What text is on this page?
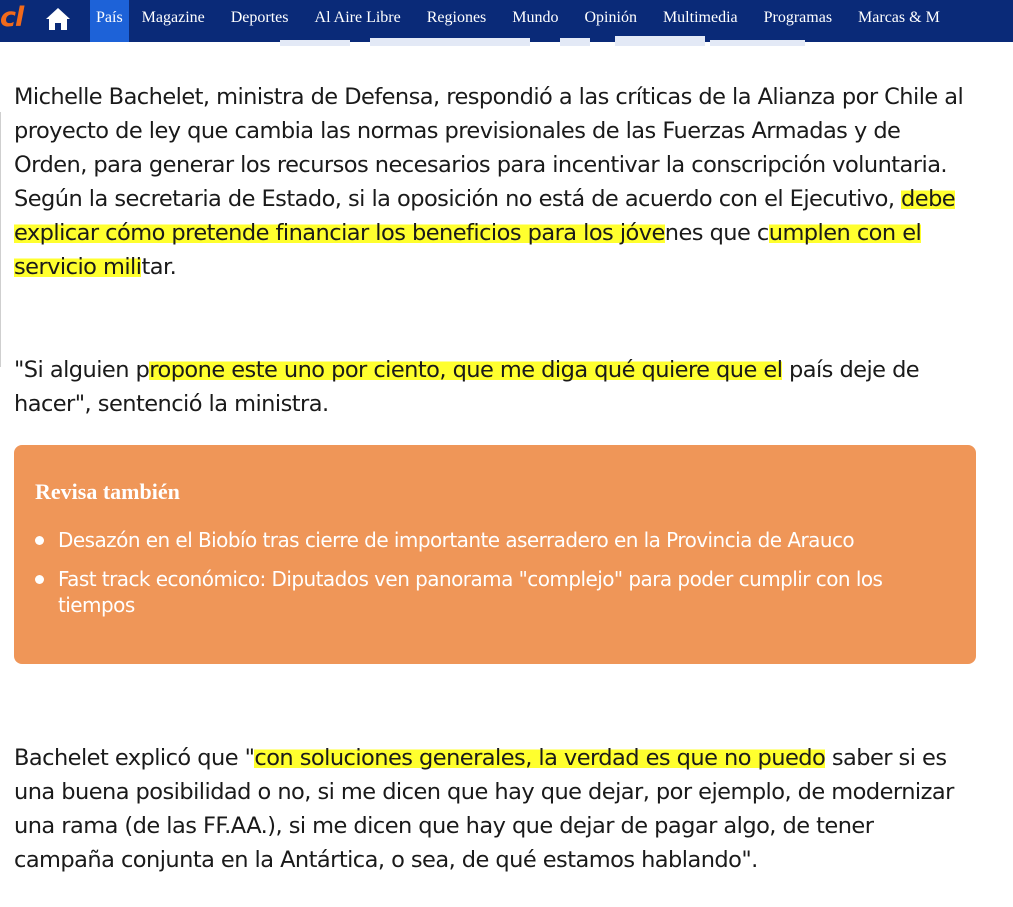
cl	País	Magazine	Deportes	Al Aire Libre	Regiones	Mundo	Opinión	Multimedia	Programas	Marcas & M

Michelle Bachelet, ministra de Defensa, respondió a las críticas de la Alianza por Chile al proyecto de ley que cambia las normas previsionales de las Fuerzas Armadas y de Orden, para generar los recursos necesarios para incentivar la conscripción voluntaria. Según la secretaria de Estado, si la oposición no está de acuerdo con el Ejecutivo, debe explicar cómo pretende financiar los beneficios para los jóvenes que cumplen con el servicio militar.

"Si alguien propone este uno por ciento, que me diga qué quiere que el país deje de hacer", sentenció la ministra.

Revisa también
Desazón en el Biobío tras cierre de importante aserradero en la Provincia de Arauco
Fast track económico: Diputados ven panorama "complejo" para poder cumplir con los tiempos

Bachelet explicó que "con soluciones generales, la verdad es que no puedo saber si es una buena posibilidad o no, si me dicen que hay que dejar, por ejemplo, de modernizar una rama (de las FF.AA.), si me dicen que hay que dejar de pagar algo, de tener campaña conjunta en la Antártica, o sea, de qué estamos hablando".
